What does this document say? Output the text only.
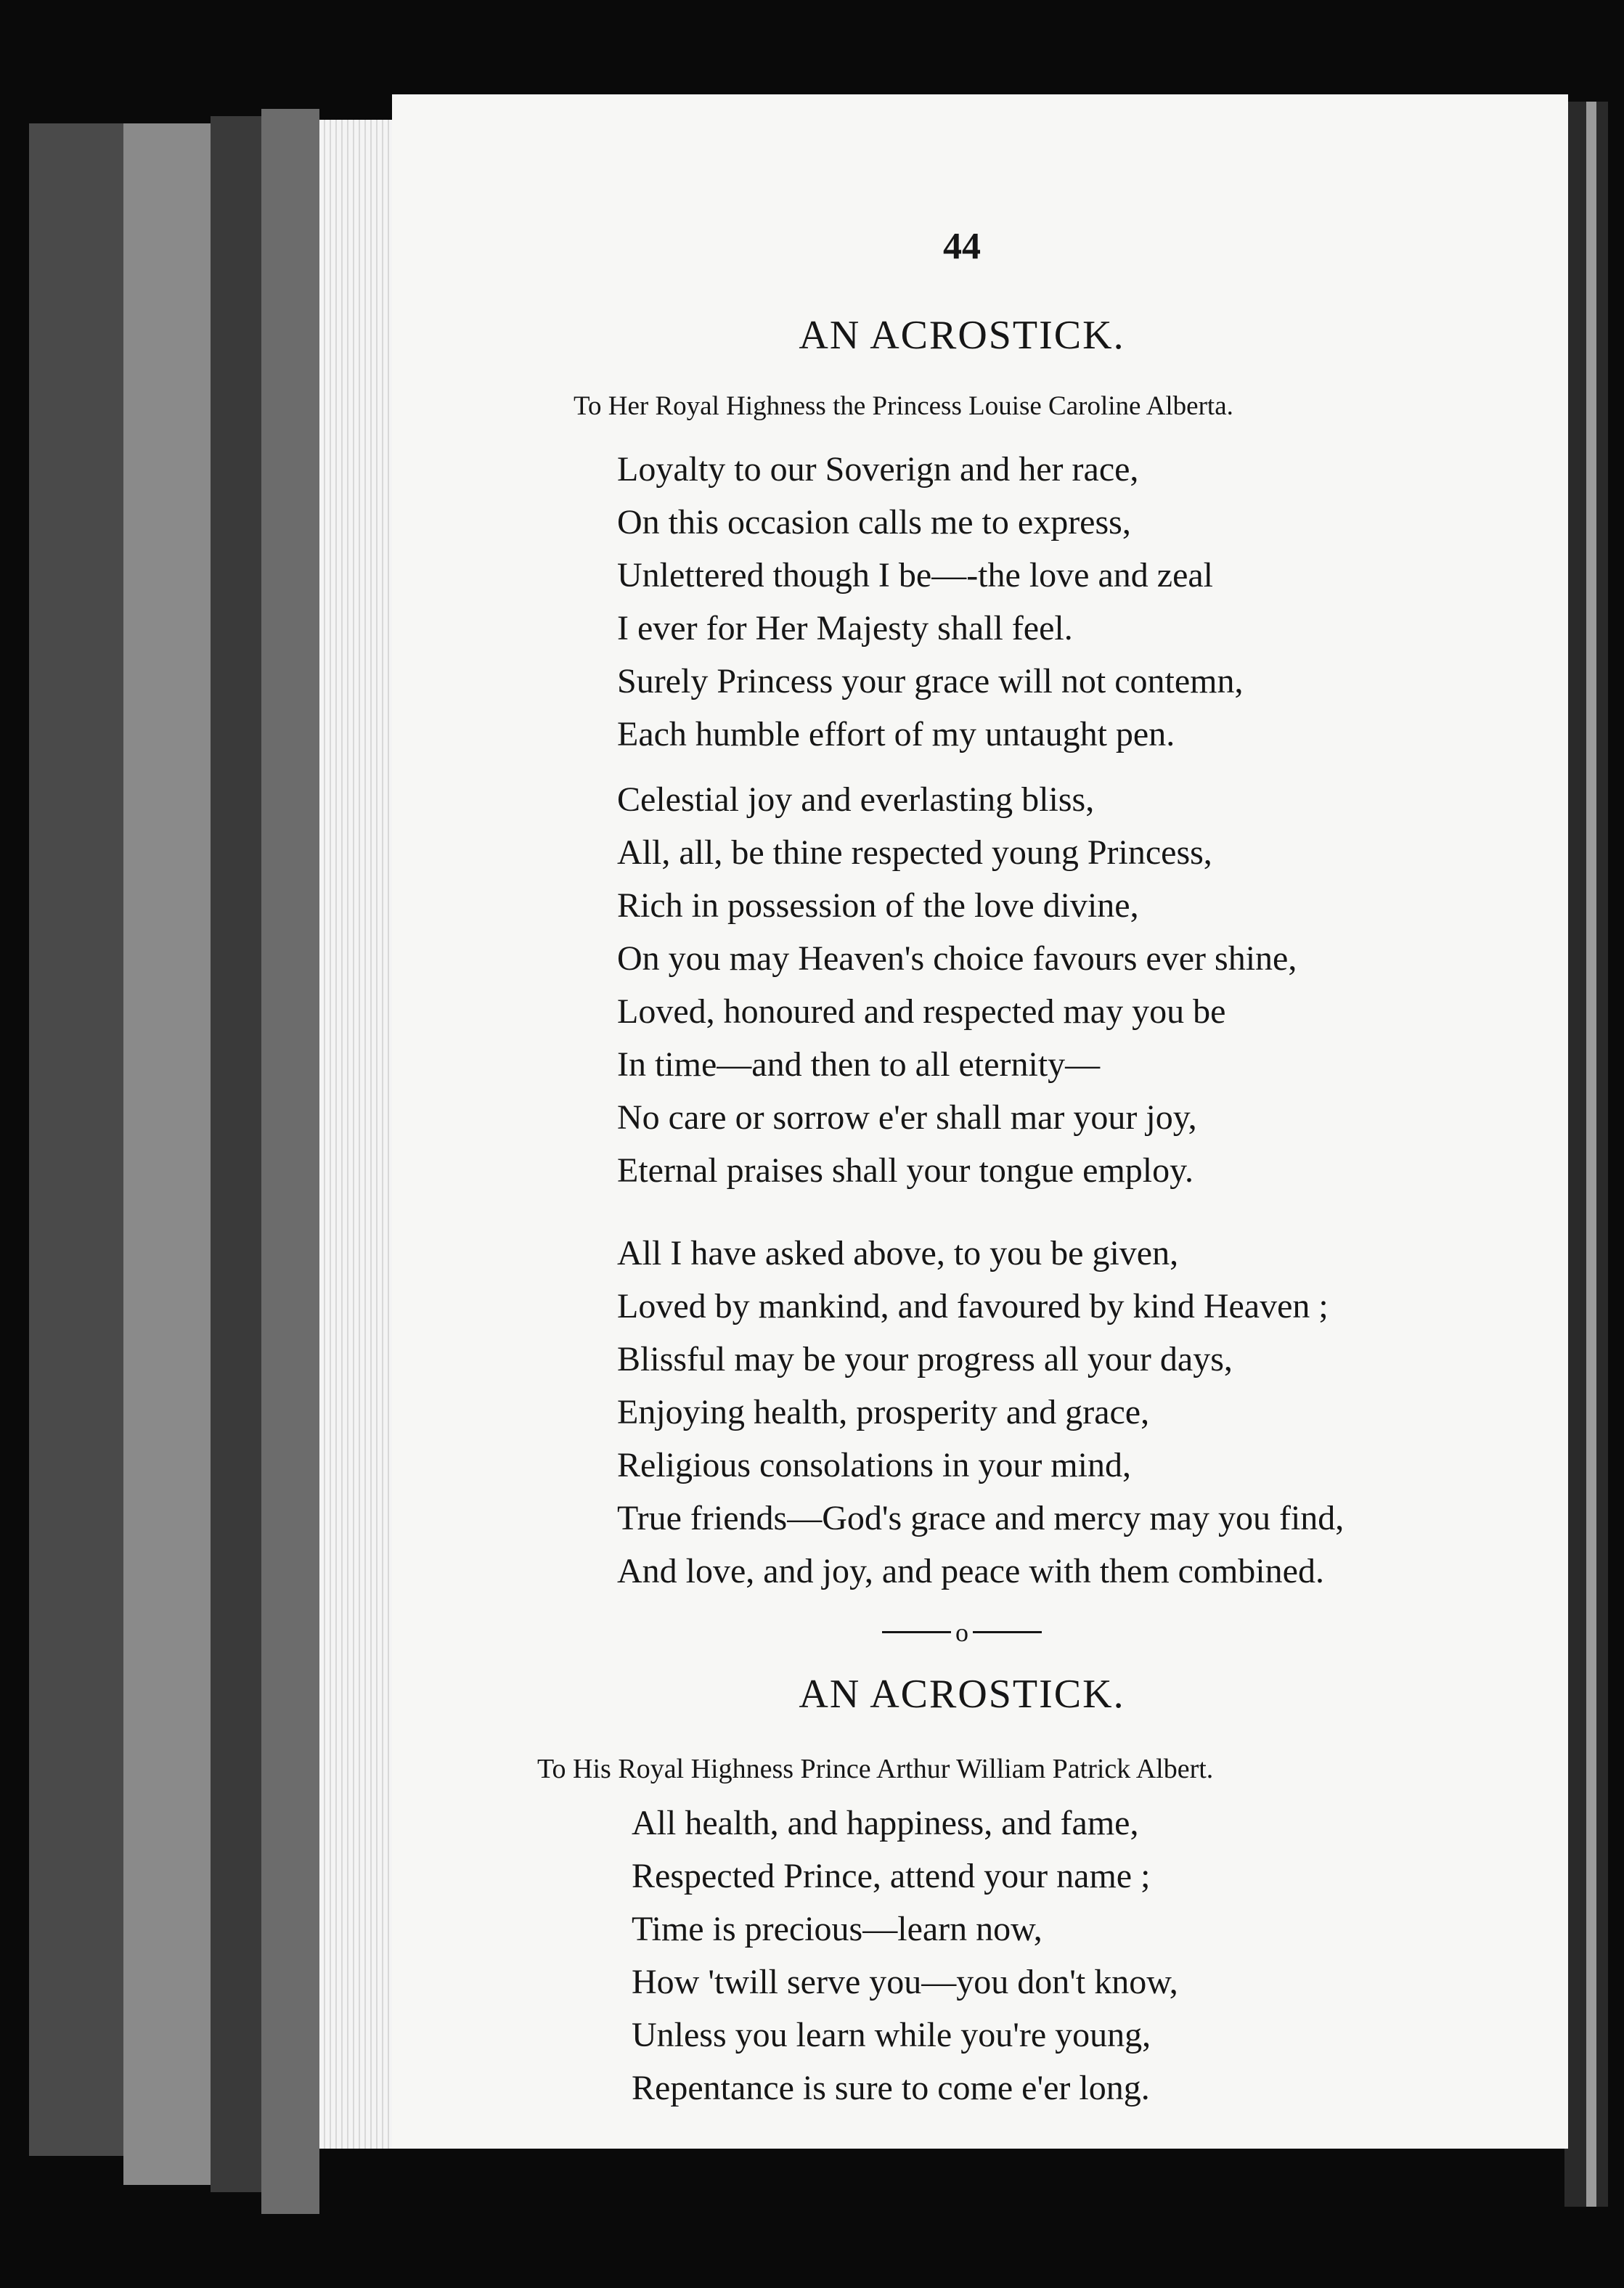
44
AN ACROSTICK.
To Her Royal Highness the Princess Louise Caroline Alberta.
Loyalty to our Soverign and her race,
On this occasion calls me to express,
Unlettered though I be—-the love and zeal
I ever for Her Majesty shall feel.
Surely Princess your grace will not contemn,
Each humble effort of my untaught pen.
Celestial joy and everlasting bliss,
All, all, be thine respected young Princess,
Rich in possession of the love divine,
On you may Heaven's choice favours ever shine,
Loved, honoured and respected may you be
In time—and then to all eternity—
No care or sorrow e'er shall mar your joy,
Eternal praises shall your tongue employ.
All I have asked above, to you be given,
Loved by mankind, and favoured by kind Heaven ;
Blissful may be your progress all your days,
Enjoying health, prosperity and grace,
Religious consolations in your mind,
True friends—God's grace and mercy may you find,
And love, and joy, and peace with them combined.
o
AN ACROSTICK.
To His Royal Highness Prince Arthur William Patrick Albert.
All health, and happiness, and fame,
Respected Prince, attend your name ;
Time is precious—learn now,
How 'twill serve you—you don't know,
Unless you learn while you're young,
Repentance is sure to come e'er long.
